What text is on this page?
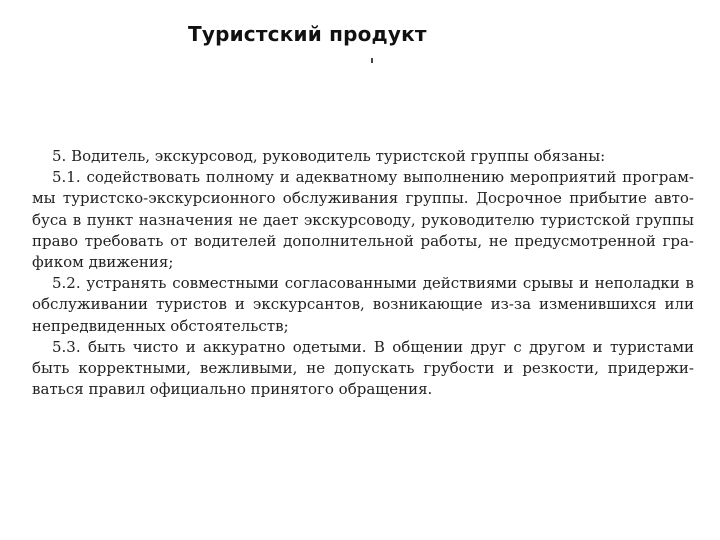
Туристский продукт
5. Водитель, экскурсовод, руководитель туристской группы обязаны:
5.1. содействовать полному и адекватному выполнению мероприятий програм-
мы туристско-экскурсионного обслуживания группы. Досрочное прибытие авто-
буса в пункт назначения не дает экскурсоводу, руководителю туристской группы
право требовать от водителей дополнительной работы, не предусмотренной гра-
фиком движения;
5.2. устранять совместными согласованными действиями срывы и неполадки в
обслуживании туристов и экскурсантов, возникающие из-за изменившихся или
непредвиденных обстоятельств;
5.3. быть чисто и аккуратно одетыми. В общении друг с другом и туристами
быть корректными, вежливыми, не допускать грубости и резкости, придержи-
ваться правил официально принятого обращения.
